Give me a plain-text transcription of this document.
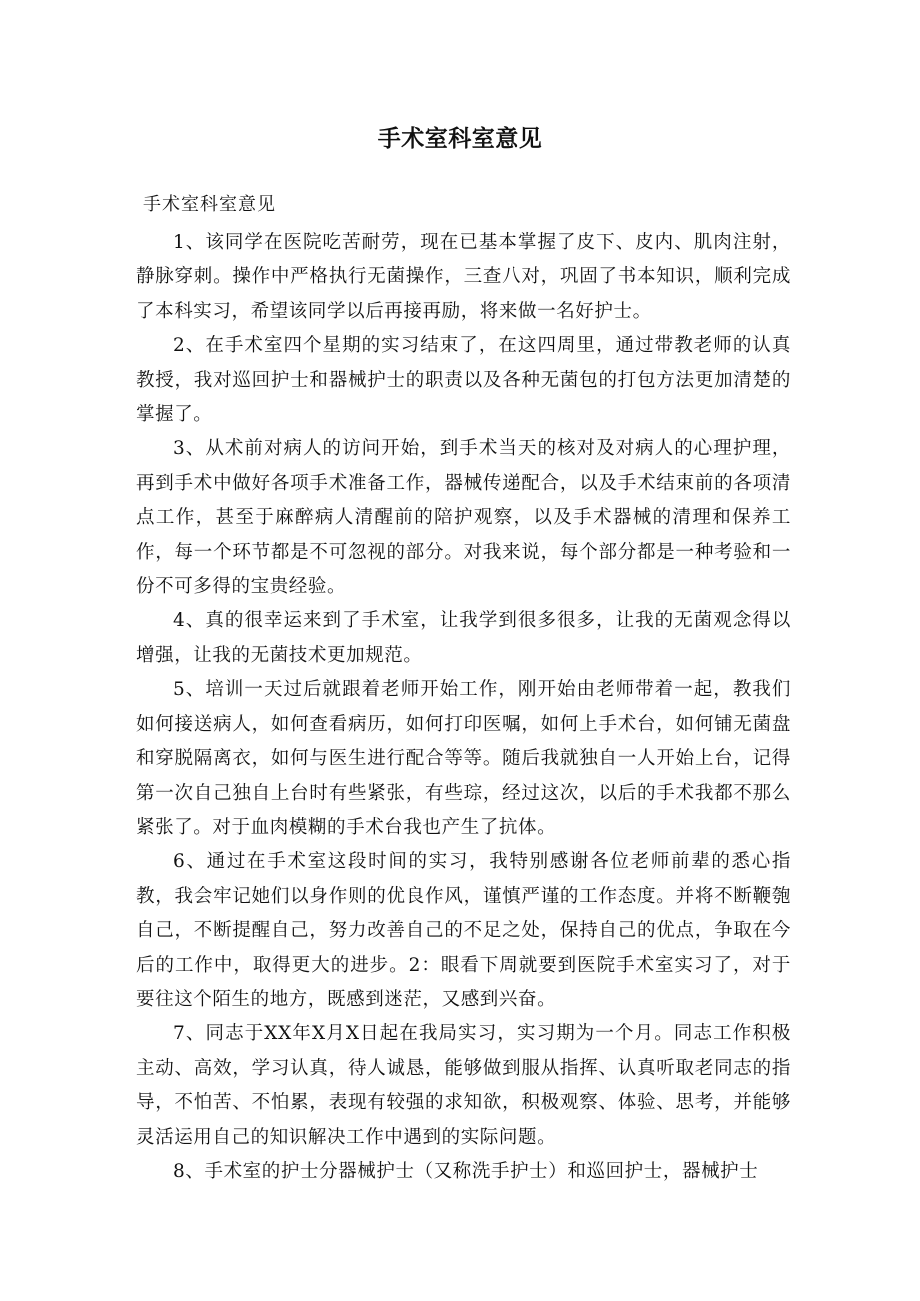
手术室科室意见
手术室科室意见

1、该同学在医院吃苦耐劳，现在已基本掌握了皮下、皮内、肌肉注射，静脉穿刺。操作中严格执行无菌操作，三查八对，巩固了书本知识，顺利完成了本科实习，希望该同学以后再接再励，将来做一名好护士。

2、在手术室四个星期的实习结束了，在这四周里，通过带教老师的认真教授，我对巡回护士和器械护士的职责以及各种无菌包的打包方法更加清楚的掌握了。

3、从术前对病人的访问开始，到手术当天的核对及对病人的心理护理，再到手术中做好各项手术准备工作，器械传递配合，以及手术结束前的各项清点工作，甚至于麻醉病人清醒前的陪护观察，以及手术器械的清理和保养工作，每一个环节都是不可忽视的部分。对我来说，每个部分都是一种考验和一份不可多得的宝贵经验。

4、真的很幸运来到了手术室，让我学到很多很多，让我的无菌观念得以增强，让我的无菌技术更加规范。

5、培训一天过后就跟着老师开始工作，刚开始由老师带着一起，教我们如何接送病人，如何查看病历，如何打印医嘱，如何上手术台，如何铺无菌盘和穿脱隔离衣，如何与医生进行配合等等。随后我就独自一人开始上台，记得第一次自己独自上台时有些紧张，有些琮，经过这次，以后的手术我都不那么紧张了。对于血肉模糊的手术台我也产生了抗体。

6、通过在手术室这段时间的实习，我特别感谢各位老师前辈的悉心指教，我会牢记她们以身作则的优良作风，谨慎严谨的工作态度。并将不断鞭匏自己，不断提醒自己，努力改善自己的不足之处，保持自己的优点，争取在今后的工作中，取得更大的进步。2：眼看下周就要到医院手术室实习了，对于要往这个陌生的地方，既感到迷茫，又感到兴奋。

7、同志于XX年X月X日起在我局实习，实习期为一个月。同志工作积极主动、高效，学习认真，待人诚恳，能够做到服从指挥、认真听取老同志的指导，不怕苦、不怕累，表现有较强的求知欲，积极观察、体验、思考，并能够灵活运用自己的知识解决工作中遇到的实际问题。

8、手术室的护士分器械护士（又称洗手护士）和巡回护士，器械护士
